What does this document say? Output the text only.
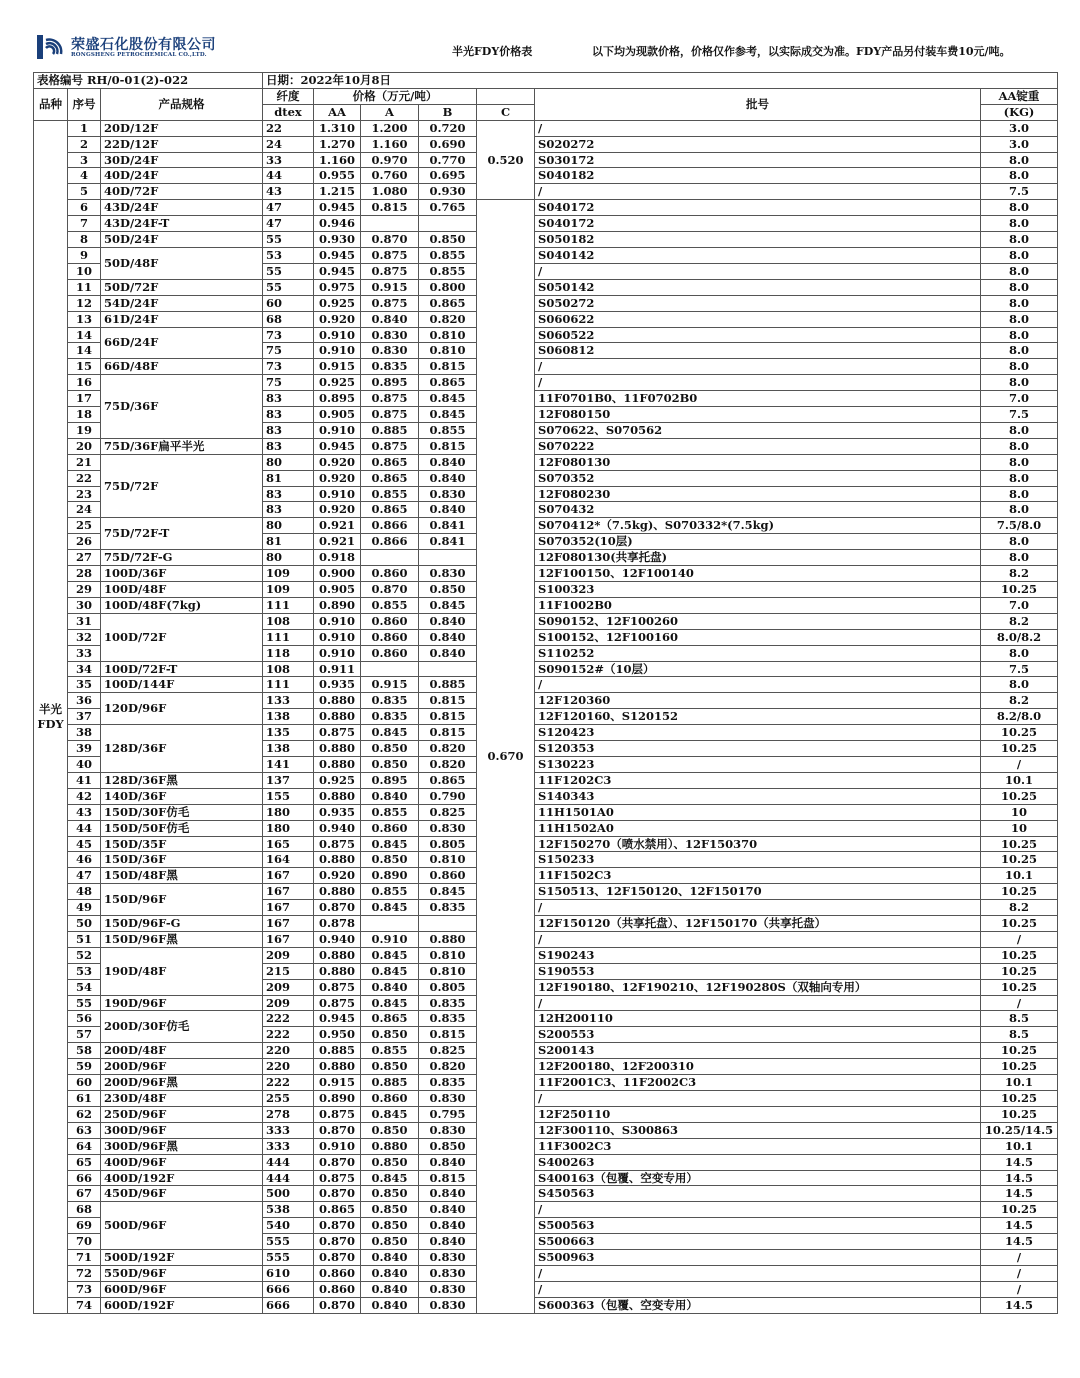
荣盛石化股份有限公司
RONGSHENG PETROCHEMICAL CO.,LTD.	半光FDY价格表	以下均为现款价格，价格仅作参考，以实际成交为准。FDY产品另付装车费10元/吨。
表格编号 RH/0-01(2)-022			日期：2022年10月8日						
品种	序号	产品规格	纤度	价格（万元/吨）				批号	AA锭重
			dtex	AA	A	B	C		(KG)
半光FDY	1	20D/12F	22	1.310	1.200	0.720	0.520	/	3.0
	2	22D/12F	24	1.270	1.160	0.690		S020272	3.0
	3	30D/24F	33	1.160	0.970	0.770		S030172	8.0
	4	40D/24F	44	0.955	0.760	0.695		S040182	8.0
	5	40D/72F	43	1.215	1.080	0.930		/	7.5
	6	43D/24F	47	0.945	0.815	0.765	0.670	S040172	8.0
	7	43D/24F-T	47	0.946				S040172	8.0
	8	50D/24F	55	0.930	0.870	0.850		S050182	8.0
	9	50D/48F	53	0.945	0.875	0.855		S040142	8.0
	10		55	0.945	0.875	0.855		/	8.0
	11	50D/72F	55	0.975	0.915	0.800		S050142	8.0
	12	54D/24F	60	0.925	0.875	0.865		S050272	8.0
	13	61D/24F	68	0.920	0.840	0.820		S060622	8.0
	14	66D/24F	73	0.910	0.830	0.810		S060522	8.0
	14		75	0.910	0.830	0.810		S060812	8.0
	15	66D/48F	73	0.915	0.835	0.815		/	8.0
	16	75D/36F	75	0.925	0.895	0.865		/	8.0
	17		83	0.895	0.875	0.845		11F0701B0、11F0702B0	7.0
	18		83	0.905	0.875	0.845		12F080150	7.5
	19		83	0.910	0.885	0.855		S070622、S070562	8.0
	20	75D/36F扁平半光	83	0.945	0.875	0.815		S070222	8.0
	21	75D/72F	80	0.920	0.865	0.840		12F080130	8.0
	22		81	0.920	0.865	0.840		S070352	8.0
	23		83	0.910	0.855	0.830		12F080230	8.0
	24		83	0.920	0.865	0.840		S070432	8.0
	25	75D/72F-T	80	0.921	0.866	0.841		S070412*（7.5kg)、S070332*(7.5kg)	7.5/8.0
	26		81	0.921	0.866	0.841		S070352(10层)	8.0
	27	75D/72F-G	80	0.918				12F080130(共享托盘)	8.0
	28	100D/36F	109	0.900	0.860	0.830		12F100150、12F100140	8.2
	29	100D/48F	109	0.905	0.870	0.850		S100323	10.25
	30	100D/48F(7kg)	111	0.890	0.855	0.845		11F1002B0	7.0
	31	100D/72F	108	0.910	0.860	0.840		S090152、12F100260	8.2
	32		111	0.910	0.860	0.840		S100152、12F100160	8.0/8.2
	33		118	0.910	0.860	0.840		S110252	8.0
	34	100D/72F-T	108	0.911				S090152#（10层）	7.5
	35	100D/144F	111	0.935	0.915	0.885		/	8.0
	36	120D/96F	133	0.880	0.835	0.815		12F120360	8.2
	37		138	0.880	0.835	0.815		12F120160、S120152	8.2/8.0
	38	128D/36F	135	0.875	0.845	0.815		S120423	10.25
	39		138	0.880	0.850	0.820		S120353	10.25
	40		141	0.880	0.850	0.820		S130223	/
	41	128D/36F黑	137	0.925	0.895	0.865		11F1202C3	10.1
	42	140D/36F	155	0.880	0.840	0.790		S140343	10.25
	43	150D/30F仿毛	180	0.935	0.855	0.825		11H1501A0	10
	44	150D/50F仿毛	180	0.940	0.860	0.830		11H1502A0	10
	45	150D/35F	165	0.875	0.845	0.805		12F150270（喷水禁用）、12F150370	10.25
	46	150D/36F	164	0.880	0.850	0.810		S150233	10.25
	47	150D/48F黑	167	0.920	0.890	0.860		11F1502C3	10.1
	48	150D/96F	167	0.880	0.855	0.845		S150513、12F150120、12F150170	10.25
	49		167	0.870	0.845	0.835		/	8.2
	50	150D/96F-G	167	0.878				12F150120（共享托盘）、12F150170（共享托盘）	10.25
	51	150D/96F黑	167	0.940	0.910	0.880		/	/
	52	190D/48F	209	0.880	0.845	0.810		S190243	10.25
	53		215	0.880	0.845	0.810		S190553	10.25
	54		209	0.875	0.840	0.805		12F190180、12F190210、12F190280S（双轴向专用）	10.25
	55	190D/96F	209	0.875	0.845	0.835		/	/
	56	200D/30F仿毛	222	0.945	0.865	0.835		12H200110	8.5
	57		222	0.950	0.850	0.815		S200553	8.5
	58	200D/48F	220	0.885	0.855	0.825		S200143	10.25
	59	200D/96F	220	0.880	0.850	0.820		12F200180、12F200310	10.25
	60	200D/96F黑	222	0.915	0.885	0.835		11F2001C3、11F2002C3	10.1
	61	230D/48F	255	0.890	0.860	0.830		/	10.25
	62	250D/96F	278	0.875	0.845	0.795		12F250110	10.25
	63	300D/96F	333	0.870	0.850	0.830		12F300110、S300863	10.25/14.5
	64	300D/96F黑	333	0.910	0.880	0.850		11F3002C3	10.1
	65	400D/96F	444	0.870	0.850	0.840		S400263	14.5
	66	400D/192F	444	0.875	0.845	0.815		S400163（包覆、空变专用）	14.5
	67	450D/96F	500	0.870	0.850	0.840		S450563	14.5
	68	500D/96F	538	0.865	0.850	0.840		/	10.25
	69		540	0.870	0.850	0.840		S500563	14.5
	70		555	0.870	0.850	0.840		S500663	14.5
	71	500D/192F	555	0.870	0.840	0.830		S500963	/
	72	550D/96F	610	0.860	0.840	0.830		/	/
	73	600D/96F	666	0.860	0.840	0.830		/	/
	74	600D/192F	666	0.870	0.840	0.830		S600363（包覆、空变专用）	14.5
